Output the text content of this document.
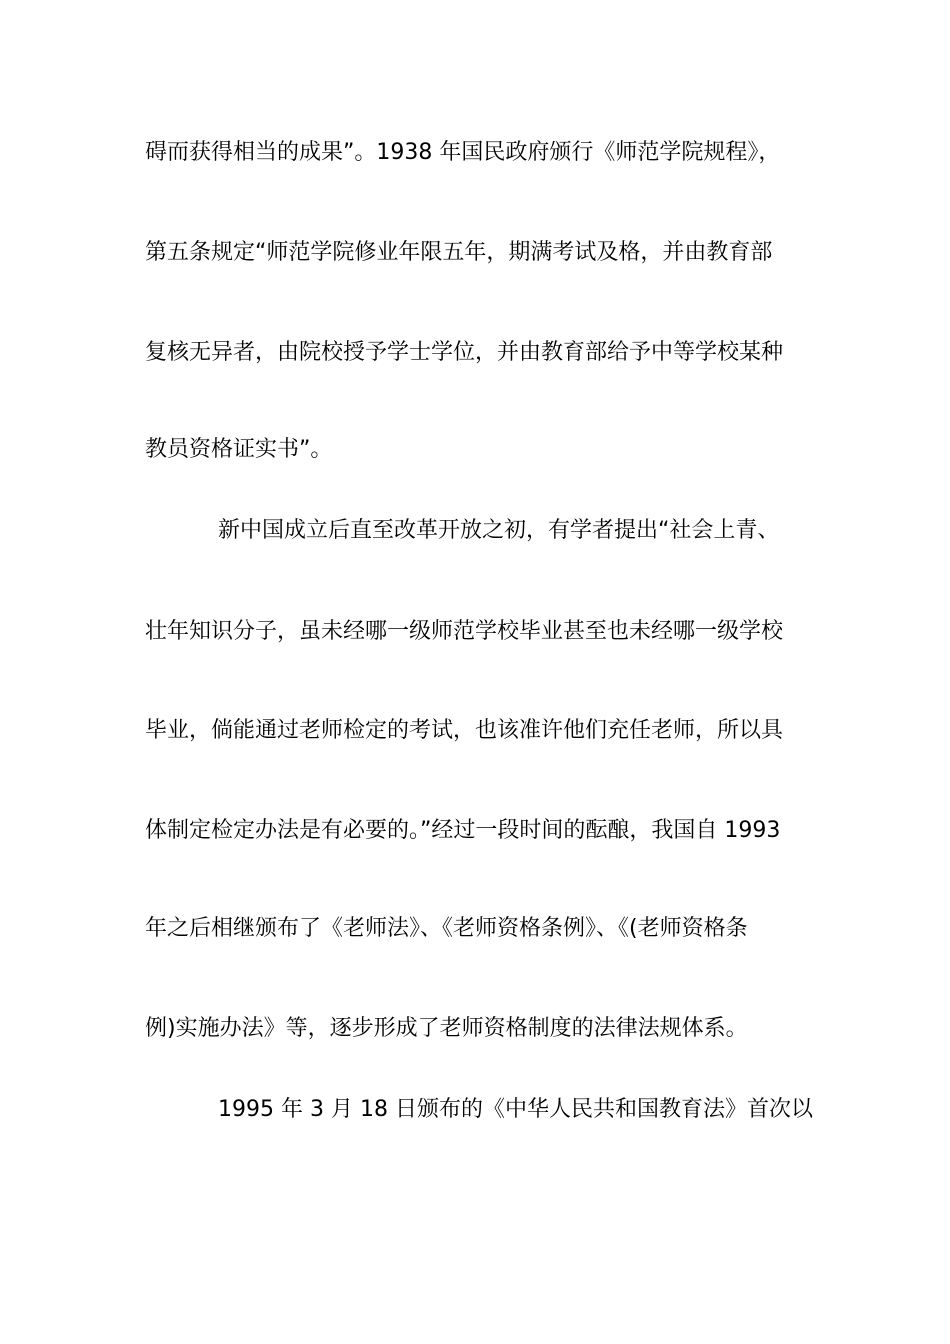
碍而获得相当的成果”。1938 年国民政府颁行《师范学院规程》，
第五条规定“师范学院修业年限五年，期满考试及格，并由教育部
复核无异者，由院校授予学士学位，并由教育部给予中等学校某种
教员资格证实书”。
新中国成立后直至改革开放之初，有学者提出“社会上青、
壮年知识分子，虽未经哪一级师范学校毕业甚至也未经哪一级学校
毕业，倘能通过老师检定的考试，也该准许他们充任老师，所以具
体制定检定办法是有必要的。”经过一段时间的酝酿，我国自 1993
年之后相继颁布了《老师法》、《老师资格条例》、《(老师资格条
例)实施办法》等，逐步形成了老师资格制度的法律法规体系。
1995 年 3 月 18 日颁布的《中华人民共和国教育法》首次以
